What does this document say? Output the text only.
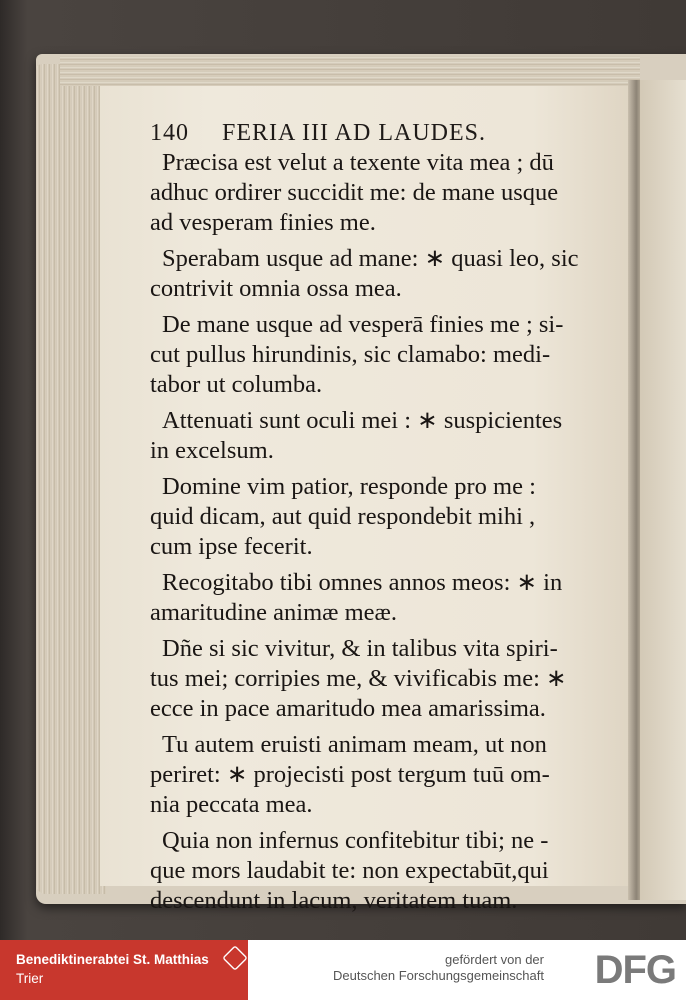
140 FERIA III AD LAUDES.
Præcisa est velut a texente vita mea ; dū
adhuc ordirer succidit me: de mane usque
ad vesperam finies me.
Sperabam usque ad mane: ∗ quasi leo, sic
contrivit omnia ossa mea.
De mane usque ad vesperā finies me ; si-
cut pullus hirundinis, sic clamabo: medi-
tabor ut columba.
Attenuati sunt oculi mei : ∗ suspicientes
in excelsum.
Domine vim patior, responde pro me :
quid dicam, aut quid respondebit mihi ,
cum ipse fecerit.
Recogitabo tibi omnes annos meos: ∗ in
amaritudine animæ meæ.
Dñe si sic vivitur, & in talibus vita spiri-
tus mei; corripies me, & vivificabis me: ∗
ecce in pace amaritudo mea amarissima.
Tu autem eruisti animam meam, ut non
periret: ∗ projecisti post tergum tuū om-
nia peccata mea.
Quia non infernus confitebitur tibi; ne -
que mors laudabit te: non expectabūt,qui
descendunt in lacum, veritatem tuam.
Benediktinerabtei St. Matthias
Trier
gefördert von der
Deutschen Forschungsgemeinschaft DFG
